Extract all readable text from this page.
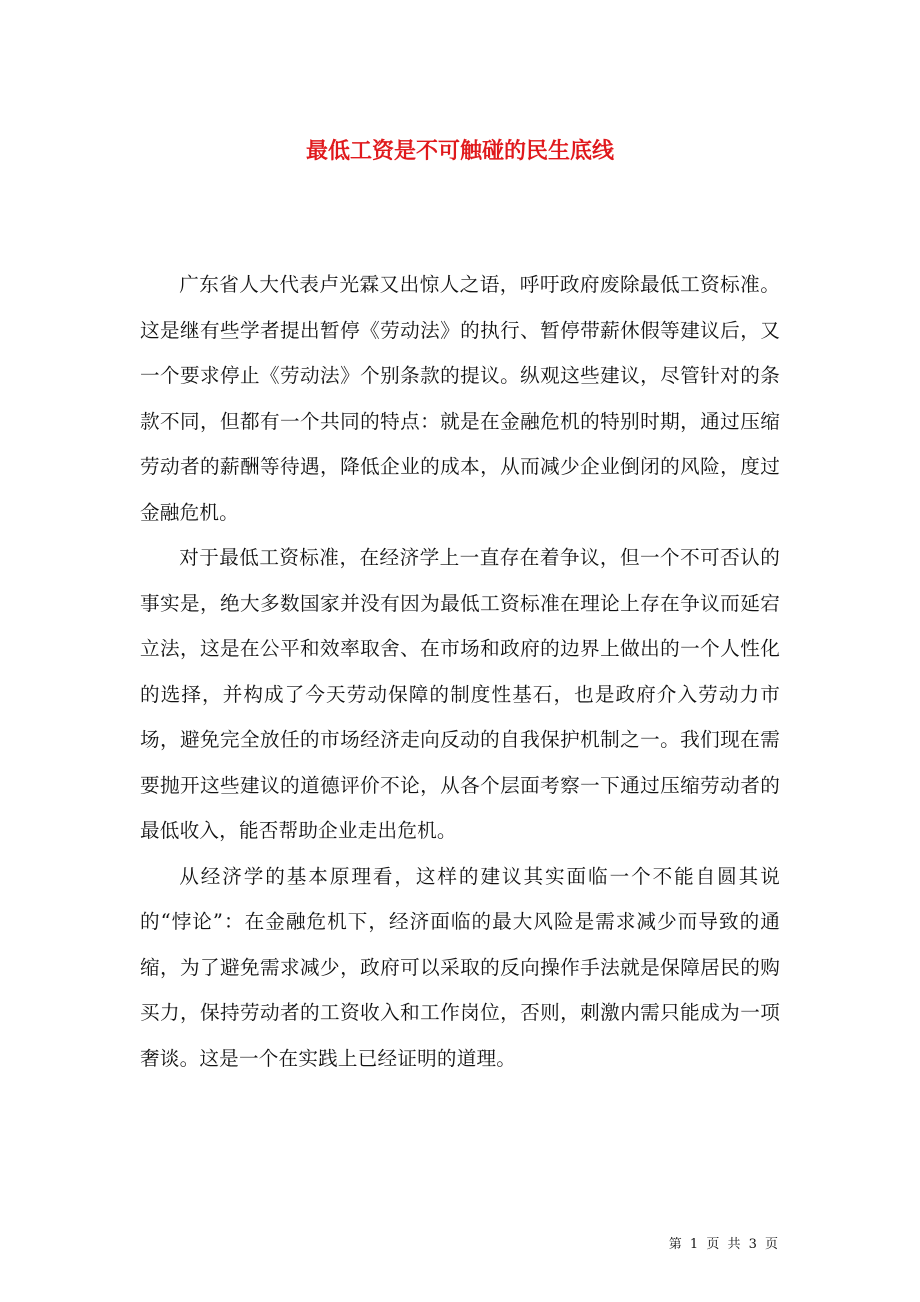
最低工资是不可触碰的民生底线

广东省人大代表卢光霖又出惊人之语，呼吁政府废除最低工资标准。这是继有些学者提出暂停《劳动法》的执行、暂停带薪休假等建议后，又一个要求停止《劳动法》个别条款的提议。纵观这些建议，尽管针对的条款不同，但都有一个共同的特点：就是在金融危机的特别时期，通过压缩劳动者的薪酬等待遇，降低企业的成本，从而减少企业倒闭的风险，度过金融危机。

对于最低工资标准，在经济学上一直存在着争议，但一个不可否认的事实是，绝大多数国家并没有因为最低工资标准在理论上存在争议而延宕立法，这是在公平和效率取舍、在市场和政府的边界上做出的一个人性化的选择，并构成了今天劳动保障的制度性基石，也是政府介入劳动力市场，避免完全放任的市场经济走向反动的自我保护机制之一。我们现在需要抛开这些建议的道德评价不论，从各个层面考察一下通过压缩劳动者的最低收入，能否帮助企业走出危机。

从经济学的基本原理看，这样的建议其实面临一个不能自圆其说的“悖论”：在金融危机下，经济面临的最大风险是需求减少而导致的通缩，为了避免需求减少，政府可以采取的反向操作手法就是保障居民的购买力，保持劳动者的工资收入和工作岗位，否则，刺激内需只能成为一项奢谈。这是一个在实践上已经证明的道理。

第 1 页 共 3 页
